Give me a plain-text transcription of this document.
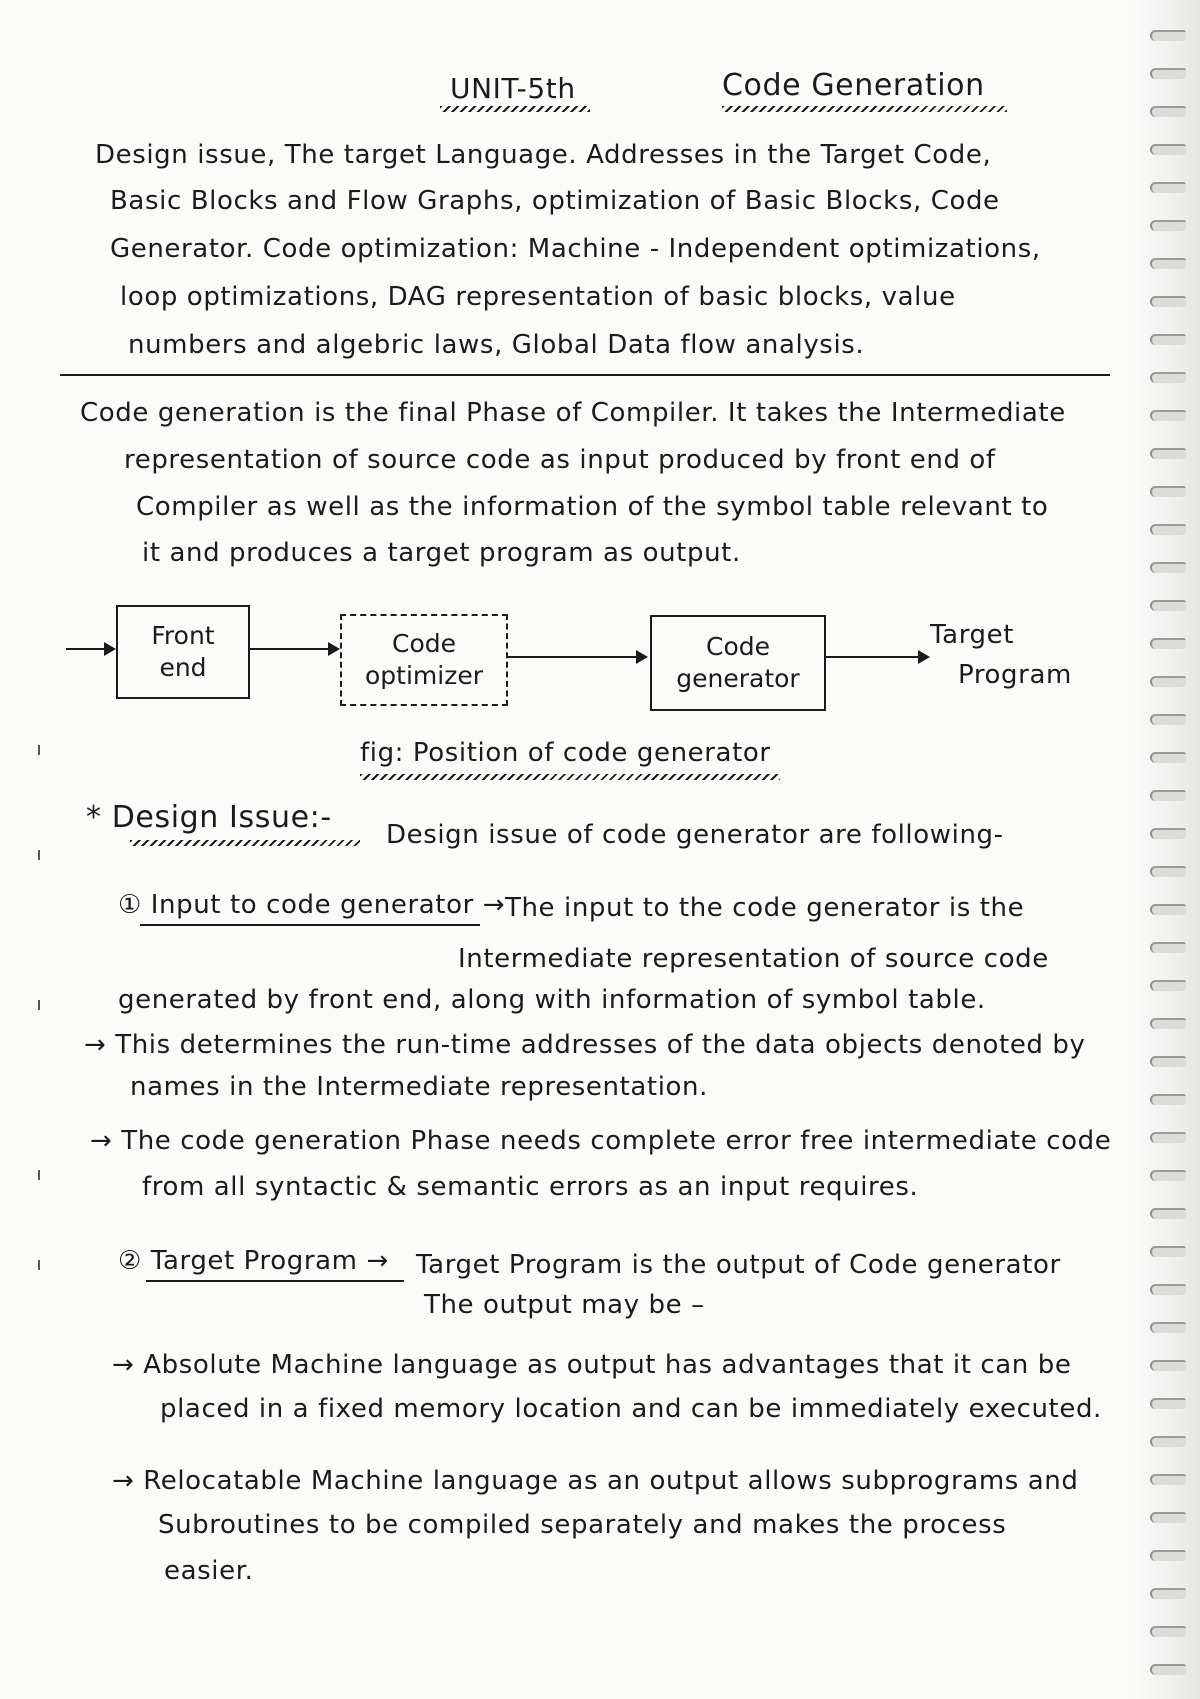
UNIT-5th	Code Generation
Design issue, The target Language. Addresses in the Target Code,
Basic Blocks and Flow Graphs, optimization of Basic Blocks, Code
Generator. Code optimization: Machine - Independent optimizations,
loop optimizations, DAG representation of basic blocks, value
numbers and algebric laws, Global Data flow analysis.
Code generation is the final Phase of Compiler. It takes the Intermediate
representation of source code as input produced by front end of
Compiler as well as the information of the symbol table relevant to
it and produces a target program as output.
Front
end
Code
optimizer
Code
generator
Target
Program
fig: Position of code generator
* Design Issue:- Design issue of code generator are following-
① Input to code generator → The input to the code generator is the
Intermediate representation of source code
generated by front end, along with information of symbol table.
→ This determines the run-time addresses of the data objects denoted by
names in the Intermediate representation.
→ The code generation Phase needs complete error free intermediate code
from all syntactic & semantic errors as an input requires.
② Target Program → Target Program is the output of Code generator
The output may be –
→ Absolute Machine language as output has advantages that it can be
placed in a fixed memory location and can be immediately executed.
→ Relocatable Machine language as an output allows subprograms and
Subroutines to be compiled separately and makes the process
easier.
